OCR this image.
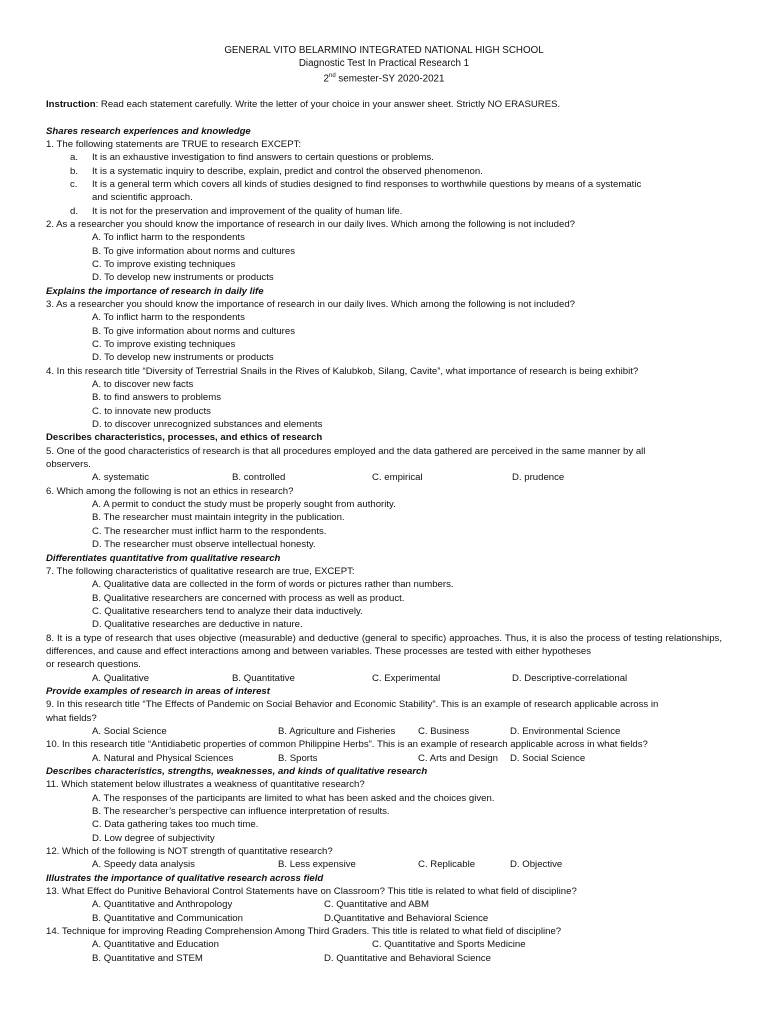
GENERAL VITO BELARMINO INTEGRATED NATIONAL HIGH SCHOOL
Diagnostic Test In Practical Research 1
2nd semester-SY 2020-2021
Instruction: Read each statement carefully. Write the letter of your choice in your answer sheet. Strictly NO ERASURES.
Shares research experiences and knowledge
1. The following statements are TRUE to research EXCEPT:
a.	It is an exhaustive investigation to find answers to certain questions or problems.
b.	It is a systematic inquiry to describe, explain, predict and control the observed phenomenon.
c.	It is a general term which covers all kinds of studies designed to find responses to worthwhile questions by means of a systematic
and scientific approach.
d.	It is not for the preservation and improvement of the quality of human life.
2. As a researcher you should know the importance of research in our daily lives. Which among the following is not included?
A. To inflict harm to the respondents
B. To give information about norms and cultures
C. To improve existing techniques
D. To develop new instruments or products
Explains the importance of research in daily life
3. As a researcher you should know the importance of research in our daily lives. Which among the following is not included?
A. To inflict harm to the respondents
B. To give information about norms and cultures
C. To improve existing techniques
D. To develop new instruments or products
4. In this research title “Diversity of Terrestrial Snails in the Rives of Kalubkob, Silang, Cavite”, what importance of research is being exhibit?
A. to discover new facts
B. to find answers to problems
C. to innovate new products
D. to discover unrecognized substances and elements
Describes characteristics, processes, and ethics of research
5. One of the good characteristics of research is that all procedures employed and the data gathered are perceived in the same manner by all
observers.
A. systematic	B. controlled	C. empirical	D. prudence
6. Which among the following is not an ethics in research?
A. A permit to conduct the study must be properly sought from authority.
B. The researcher must maintain integrity in the publication.
C. The researcher must inflict harm to the respondents.
D. The researcher must observe intellectual honesty.
Differentiates quantitative from qualitative research
7. The following characteristics of qualitative research are true, EXCEPT:
A. Qualitative data are collected in the form of words or pictures rather than numbers.
B. Qualitative researchers are concerned with process as well as product.
C. Qualitative researchers tend to analyze their data inductively.
D. Qualitative researches are deductive in nature.
8. It is a type of research that uses objective (measurable) and deductive (general to specific) approaches. Thus, it is also the process of testing relationships, differences, and cause and effect interactions among and between variables. These processes are tested with either hypotheses
or research questions.
A. Qualitative	B. Quantitative	C. Experimental	D. Descriptive-correlational
Provide examples of research in areas of interest
9. In this research title “The Effects of Pandemic on Social Behavior and Economic Stability”. This is an example of research applicable across in
what fields?
A. Social Science	B. Agriculture and Fisheries	C. Business	D. Environmental Science
10. In this research title “Antidiabetic properties of common Philippine Herbs”. This is an example of research applicable across in what fields?
A. Natural and Physical Sciences	B. Sports	C. Arts and Design	D. Social Science
Describes characteristics, strengths, weaknesses, and kinds of qualitative research
11. Which statement below illustrates a weakness of quantitative research?
A. The responses of the participants are limited to what has been asked and the choices given.
B. The researcher’s perspective can influence interpretation of results.
C. Data gathering takes too much time.
D. Low degree of subjectivity
12. Which of the following is NOT strength of quantitative research?
A. Speedy data analysis	B. Less expensive	C. Replicable	D. Objective
Illustrates the importance of qualitative research across field
13. What Effect do Punitive Behavioral Control Statements have on Classroom? This title is related to what field of discipline?
A. Quantitative and Anthropology	C. Quantitative and ABM
B. Quantitative and Communication	D.Quantitative and Behavioral Science
14. Technique for improving Reading Comprehension Among Third Graders. This title is related to what field of discipline?
A. Quantitative and Education	C. Quantitative and Sports Medicine
B. Quantitative and STEM	D. Quantitative and Behavioral Science
